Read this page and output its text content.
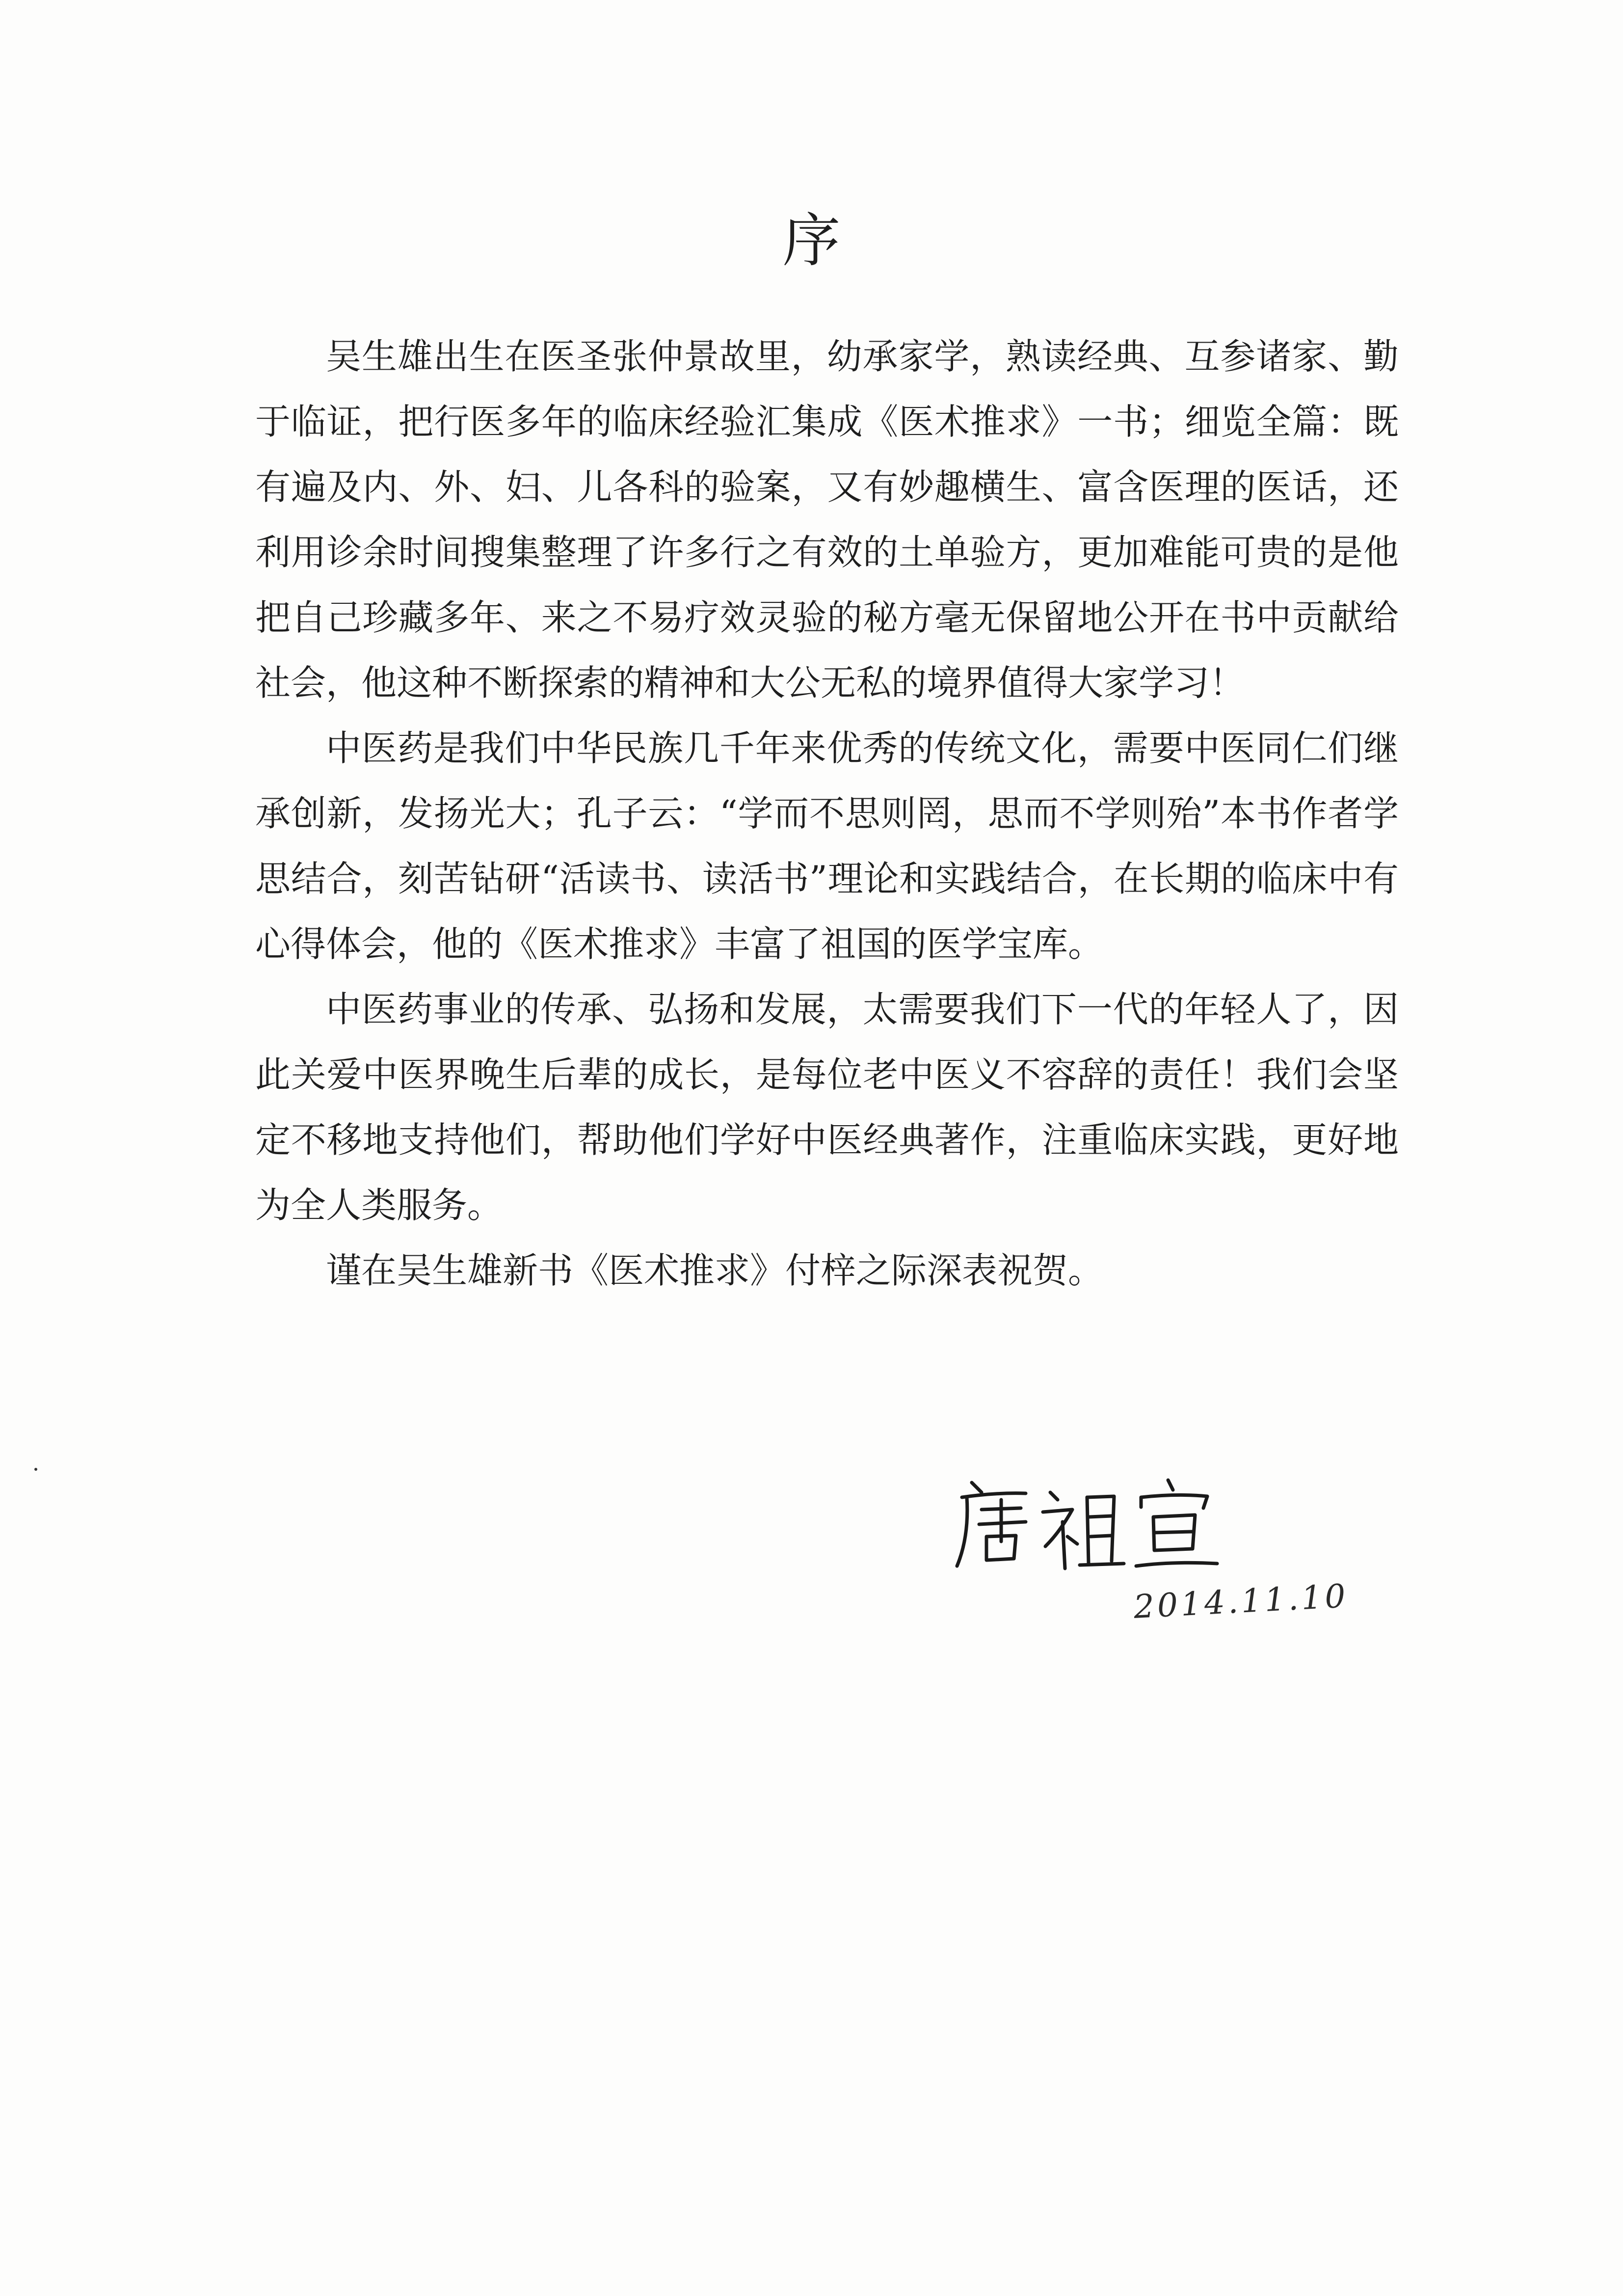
序

吴生雄出生在医圣张仲景故里，幼承家学，熟读经典、互参诸家、勤于临证，把行医多年的临床经验汇集成《医术推求》一书；细览全篇：既有遍及内、外、妇、儿各科的验案，又有妙趣横生、富含医理的医话，还利用诊余时间搜集整理了许多行之有效的土单验方，更加难能可贵的是他把自己珍藏多年、来之不易疗效灵验的秘方毫无保留地公开在书中贡献给社会，他这种不断探索的精神和大公无私的境界值得大家学习！

中医药是我们中华民族几千年来优秀的传统文化，需要中医同仁们继承创新，发扬光大；孔子云：“学而不思则罔，思而不学则殆”本书作者学思结合，刻苦钻研“活读书、读活书”理论和实践结合，在长期的临床中有心得体会，他的《医术推求》丰富了祖国的医学宝库。

中医药事业的传承、弘扬和发展，太需要我们下一代的年轻人了，因此关爱中医界晚生后辈的成长，是每位老中医义不容辞的责任！我们会坚定不移地支持他们，帮助他们学好中医经典著作，注重临床实践，更好地为全人类服务。

谨在吴生雄新书《医术推求》付梓之际深表祝贺。

2014.11.10
